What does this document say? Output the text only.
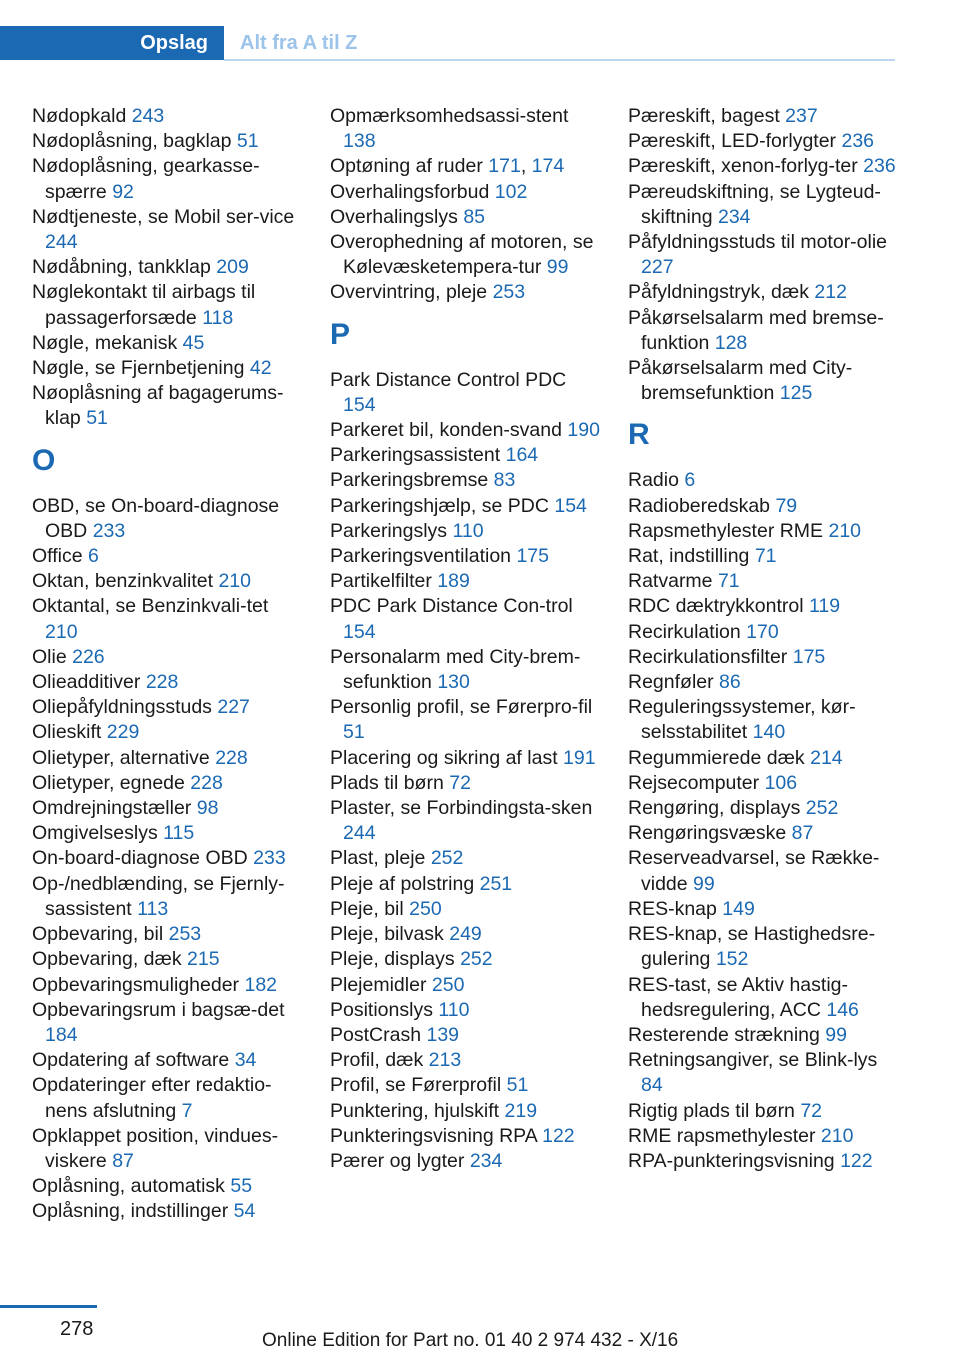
Opslag Alt fra A til Z

Nødopkald 243

Nødoplåsning, bagklap 51

Nødoplåsning, gearkasse-spærre 92

Nødtjeneste, se Mobil ser-vice 244

Nødåbning, tankklap 209

Nøglekontakt til airbags til passagerforsæde 118

Nøgle, mekanisk 45

Nøgle, se Fjernbetjening 42

Nøoplåsning af bagagerums-klap 51

O

OBD, se On-board-diagnose OBD 233

Office 6

Oktan, benzinkvalitet 210

Oktantal, se Benzinkvali-tet 210

Olie 226

Olieadditiver 228

Oliepåfyldningsstuds 227

Olieskift 229

Olietyper, alternative 228

Olietyper, egnede 228

Omdrejningstæller 98

Omgivelseslys 115

On-board-diagnose OBD 233

Op-/nedblænding, se Fjernly-sassistent 113

Opbevaring, bil 253

Opbevaring, dæk 215

Opbevaringsmuligheder 182

Opbevaringsrum i bagsæ-det 184

Opdatering af software 34

Opdateringer efter redaktio-nens afslutning 7

Opklappet position, vindues-viskere 87

Oplåsning, automatisk 55

Oplåsning, indstillinger 54

Opmærksomhedsassi-stent 138

Optøning af ruder 171, 174

Overhalingsforbud 102

Overhalingslys 85

Overophedning af motoren, se Kølevæsketempera-tur 99

Overvintring, pleje 253

P

Park Distance Control PDC 154

Parkeret bil, konden-svand 190

Parkeringsassistent 164

Parkeringsbremse 83

Parkeringshjælp, se PDC 154

Parkeringslys 110

Parkeringsventilation 175

Partikelfilter 189

PDC Park Distance Con-trol 154

Personalarm med City-brem-sefunktion 130

Personlig profil, se Førerpro-fil 51

Placering og sikring af last 191

Plads til børn 72

Plaster, se Forbindingsta-sken 244

Plast, pleje 252

Pleje af polstring 251

Pleje, bil 250

Pleje, bilvask 249

Pleje, displays 252

Plejemidler 250

Positionslys 110

PostCrash 139

Profil, dæk 213

Profil, se Førerprofil 51

Punktering, hjulskift 219

Punkteringsvisning RPA 122

Pærer og lygter 234

Pæreskift, bagest 237

Pæreskift, LED-forlygter 236

Pæreskift, xenon-forlyg-ter 236

Pæreudskiftning, se Lygteud-skiftning 234

Påfyldningsstuds til motor-olie 227

Påfyldningstryk, dæk 212

Påkørselsalarm med bremse-funktion 128

Påkørselsalarm med City-bremsefunktion 125

R

Radio 6

Radioberedskab 79

Rapsmethylester RME 210

Rat, indstilling 71

Ratvarme 71

RDC dæktrykkontrol 119

Recirkulation 170

Recirkulationsfilter 175

Regnføler 86

Reguleringssystemer, kør-selsstabilitet 140

Regummierede dæk 214

Rejsecomputer 106

Rengøring, displays 252

Rengøringsvæske 87

Reserveadvarsel, se Række-vidde 99

RES-knap 149

RES-knap, se Hastighedsre-gulering 152

RES-tast, se Aktiv hastig-hedsregulering, ACC 146

Resterende strækning 99

Retningsangiver, se Blink-lys 84

Rigtig plads til børn 72

RME rapsmethylester 210

RPA-punkteringsvisning 122

278
Online Edition for Part no. 01 40 2 974 432 - X/16
